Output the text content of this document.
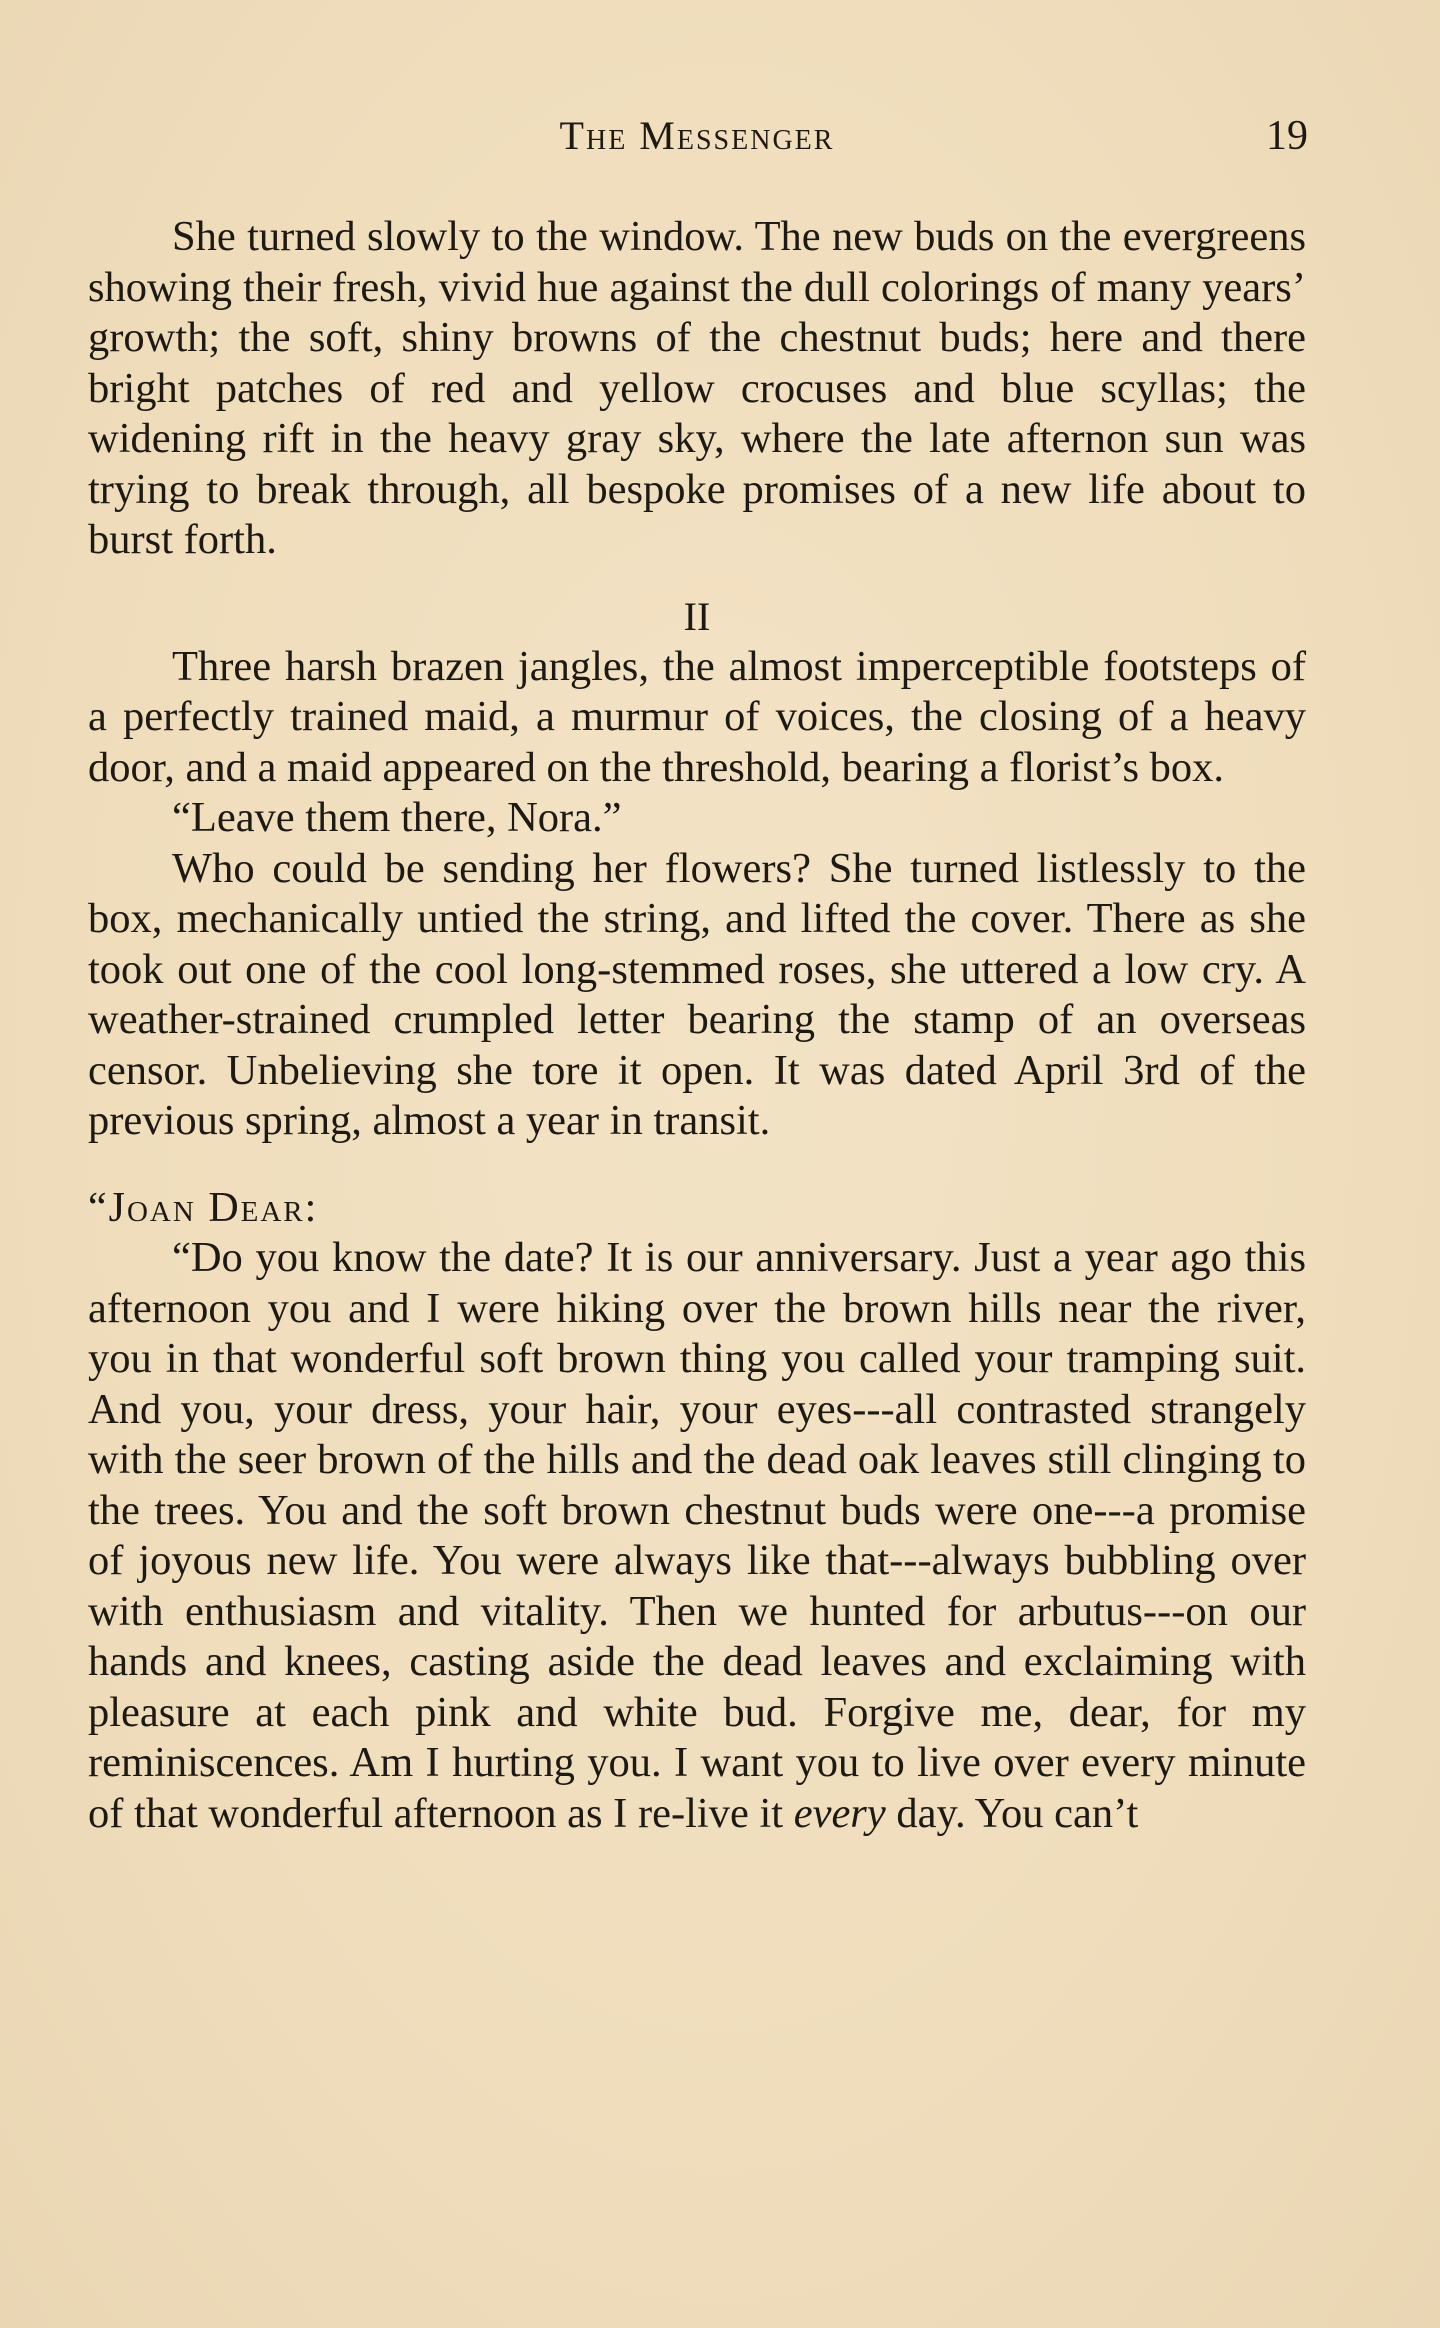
The Messenger	19

She turned slowly to the window. The new buds on the evergreens showing their fresh, vivid hue against the dull colorings of many years’ growth; the soft, shiny browns of the chestnut buds; here and there bright patches of red and yellow crocuses and blue scyllas; the widening rift in the heavy gray sky, where the late afternon sun was trying to break through, all bespoke promises of a new life about to burst forth.

II

Three harsh brazen jangles, the almost imperceptible footsteps of a perfectly trained maid, a murmur of voices, the closing of a heavy door, and a maid appeared on the threshold, bearing a florist’s box.

“Leave them there, Nora.”

Who could be sending her flowers? She turned listlessly to the box, mechanically untied the string, and lifted the cover. There as she took out one of the cool long-stemmed roses, she uttered a low cry. A weather-strained crumpled letter bearing the stamp of an overseas censor. Unbelieving she tore it open. It was dated April 3rd of the previous spring, almost a year in transit.

“Joan Dear:

“Do you know the date? It is our anniversary. Just a year ago this afternoon you and I were hiking over the brown hills near the river, you in that wonderful soft brown thing you called your tramping suit. And you, your dress, your hair, your eyes---all contrasted strangely with the seer brown of the hills and the dead oak leaves still clinging to the trees. You and the soft brown chestnut buds were one---a promise of joyous new life. You were always like that---always bubbling over with enthusiasm and vitality. Then we hunted for arbutus---on our hands and knees, casting aside the dead leaves and exclaiming with pleasure at each pink and white bud. Forgive me, dear, for my reminiscences. Am I hurting you. I want you to live over every minute of that wonderful afternoon as I re-live it every day. You can’t
